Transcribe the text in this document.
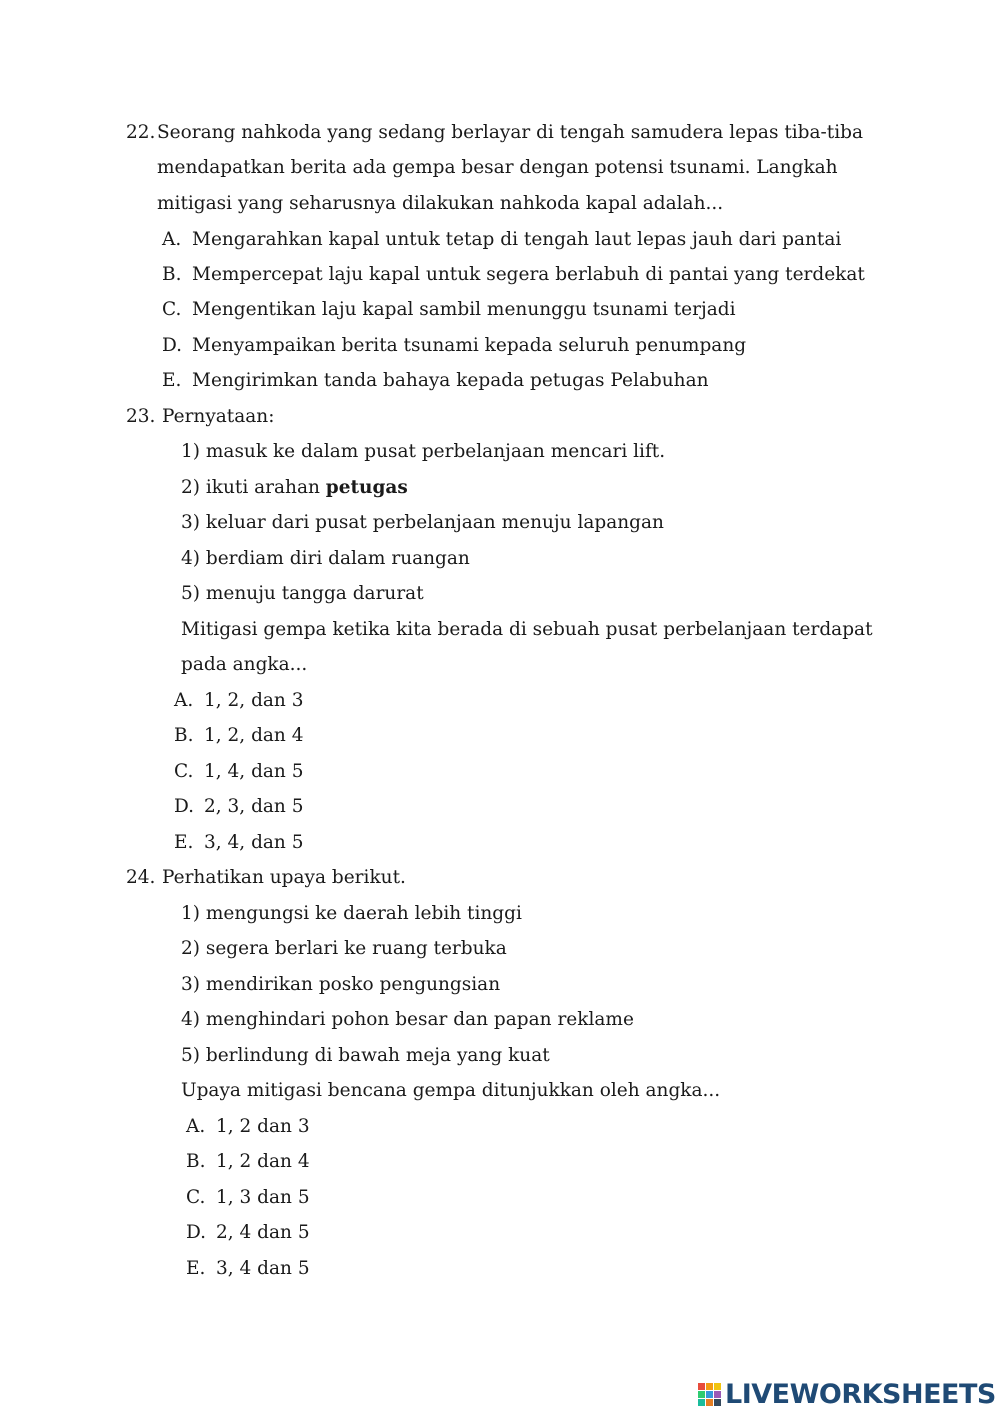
22. Seorang nahkoda yang sedang berlayar di tengah samudera lepas tiba-tiba
mendapatkan berita ada gempa besar dengan potensi tsunami. Langkah
mitigasi yang seharusnya dilakukan nahkoda kapal adalah...
A. Mengarahkan kapal untuk tetap di tengah laut lepas jauh dari pantai
B. Mempercepat laju kapal untuk segera berlabuh di pantai yang terdekat
C. Mengentikan laju kapal sambil menunggu tsunami terjadi
D. Menyampaikan berita tsunami kepada seluruh penumpang
E. Mengirimkan tanda bahaya kepada petugas Pelabuhan
23. Pernyataan:
1) masuk ke dalam pusat perbelanjaan mencari lift.
2) ikuti arahan petugas
3) keluar dari pusat perbelanjaan menuju lapangan
4) berdiam diri dalam ruangan
5) menuju tangga darurat
Mitigasi gempa ketika kita berada di sebuah pusat perbelanjaan terdapat
pada angka...
A. 1, 2, dan 3
B. 1, 2, dan 4
C. 1, 4, dan 5
D. 2, 3, dan 5
E. 3, 4, dan 5
24. Perhatikan upaya berikut.
1) mengungsi ke daerah lebih tinggi
2) segera berlari ke ruang terbuka
3) mendirikan posko pengungsian
4) menghindari pohon besar dan papan reklame
5) berlindung di bawah meja yang kuat
Upaya mitigasi bencana gempa ditunjukkan oleh angka...
A. 1, 2 dan 3
B. 1, 2 dan 4
C. 1, 3 dan 5
D. 2, 4 dan 5
E. 3, 4 dan 5
LIVEWORKSHEETS
